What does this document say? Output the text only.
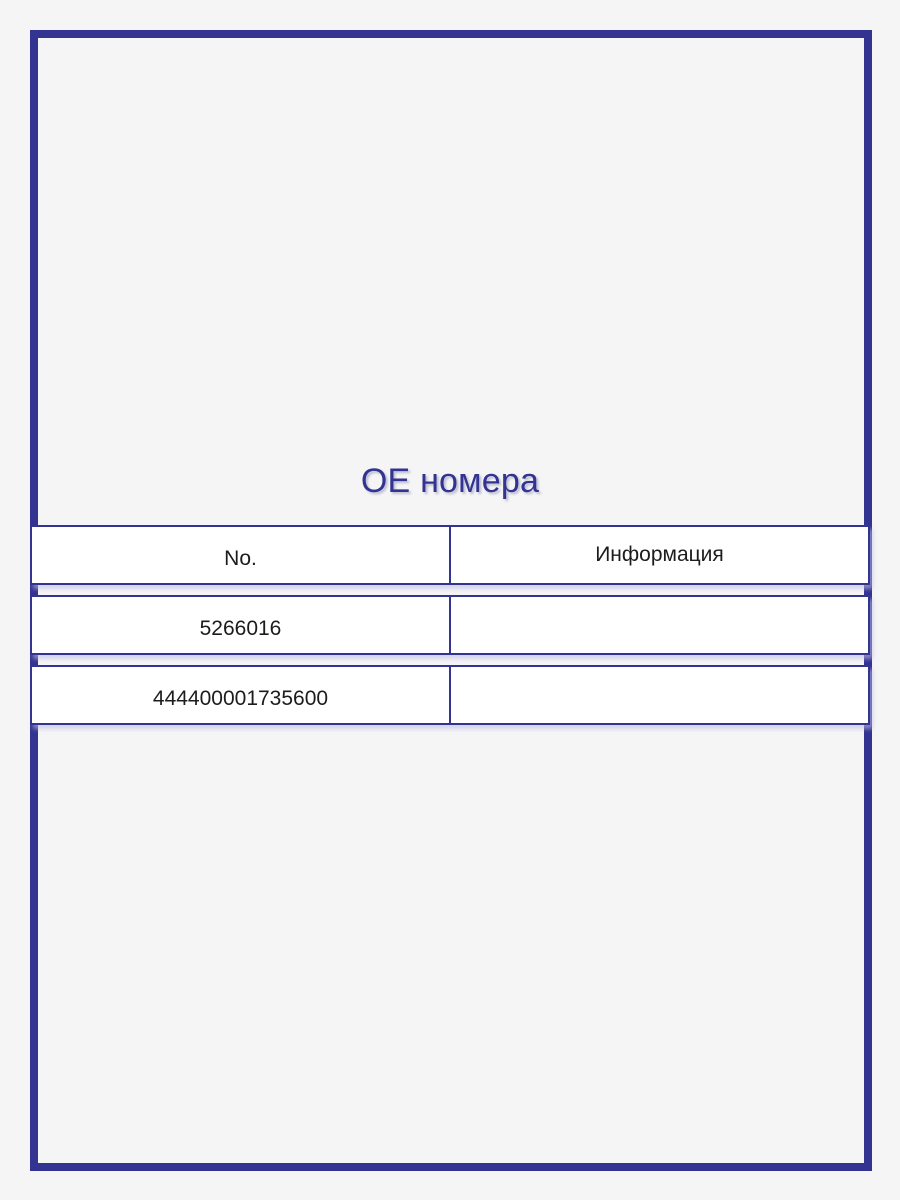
OE номера
No.	Информация
5266016
444400001735600
